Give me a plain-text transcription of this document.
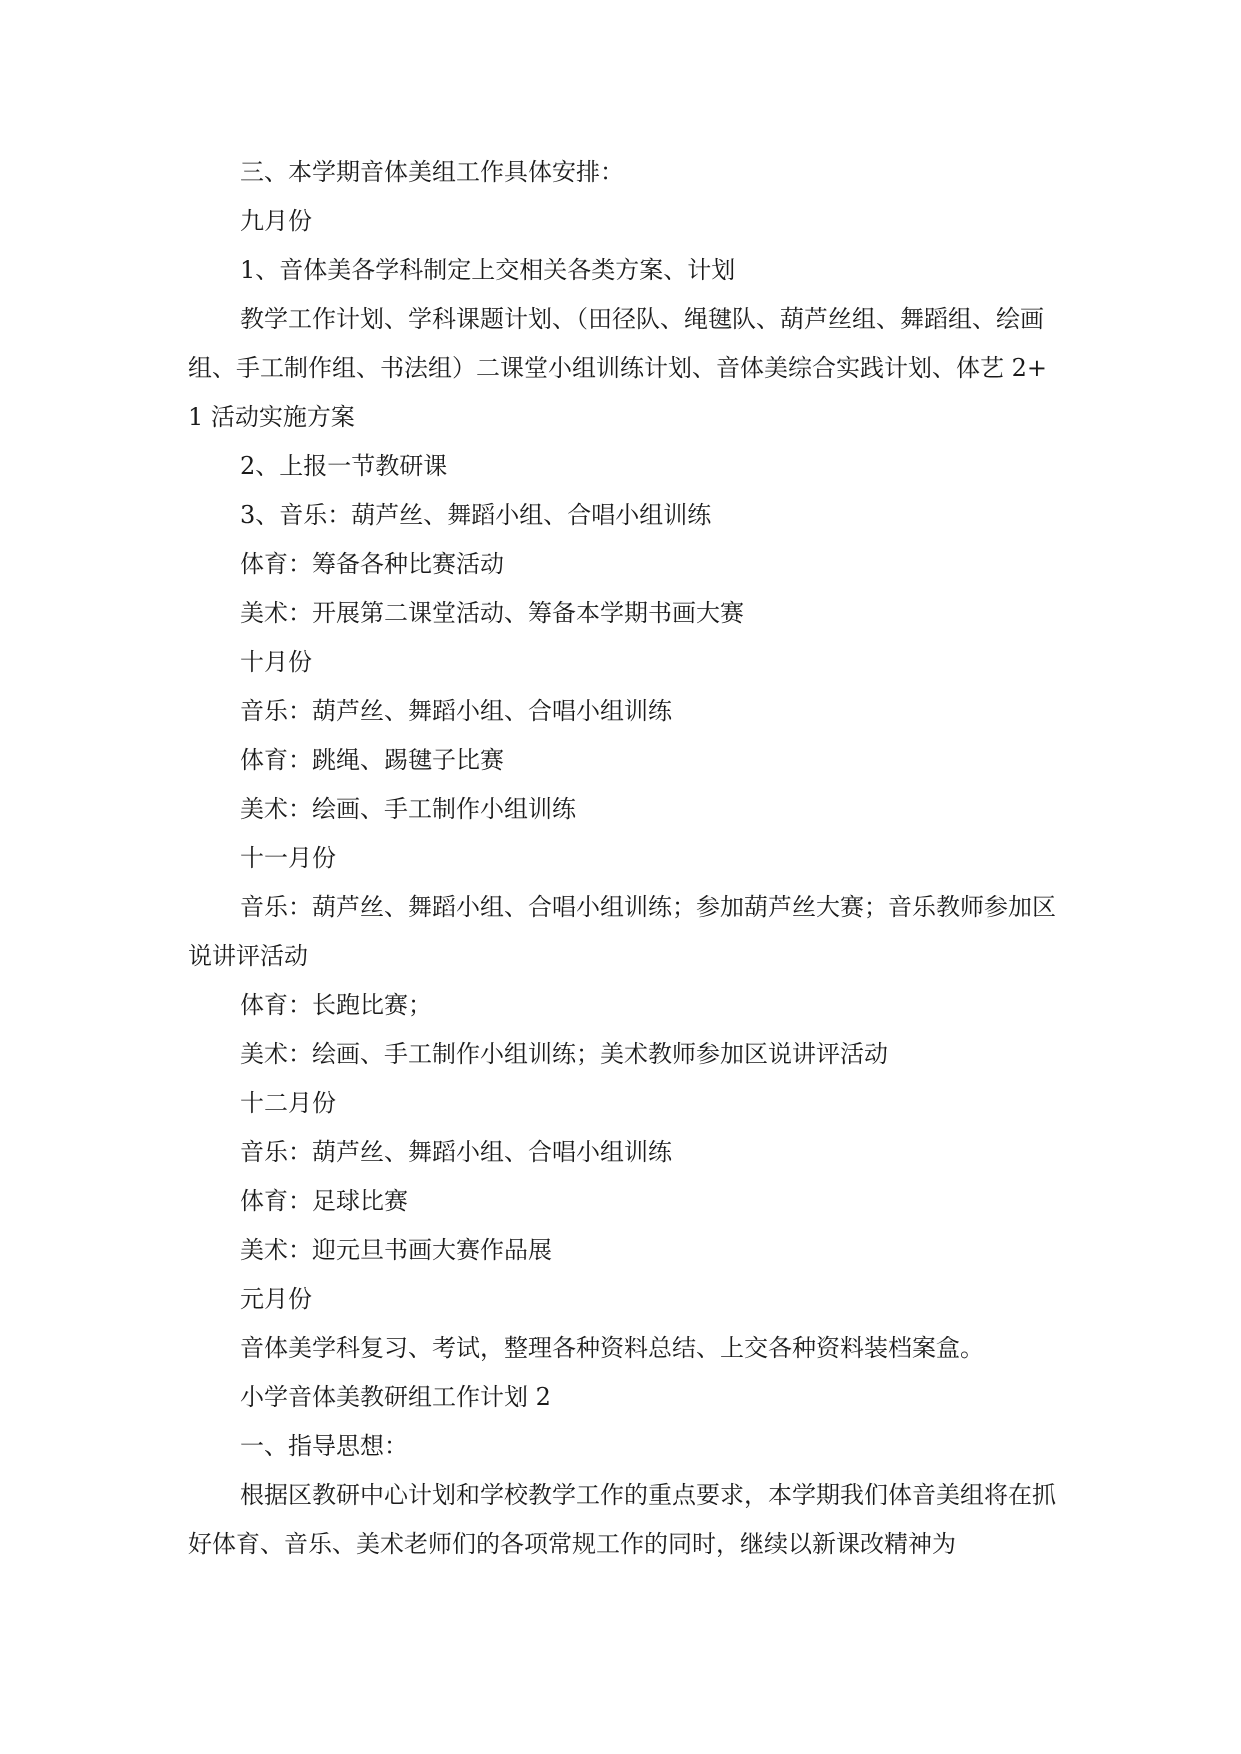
三、本学期音体美组工作具体安排：

九月份

1、音体美各学科制定上交相关各类方案、计划

教学工作计划、学科课题计划、（田径队、绳毽队、葫芦丝组、舞蹈组、绘画组、手工制作组、书法组）二课堂小组训练计划、音体美综合实践计划、体艺 2+1 活动实施方案

2、上报一节教研课

3、音乐：葫芦丝、舞蹈小组、合唱小组训练

体育：筹备各种比赛活动

美术：开展第二课堂活动、筹备本学期书画大赛

十月份

音乐：葫芦丝、舞蹈小组、合唱小组训练

体育：跳绳、踢毽子比赛

美术：绘画、手工制作小组训练

十一月份

音乐：葫芦丝、舞蹈小组、合唱小组训练；参加葫芦丝大赛；音乐教师参加区说讲评活动

体育：长跑比赛；

美术：绘画、手工制作小组训练；美术教师参加区说讲评活动

十二月份

音乐：葫芦丝、舞蹈小组、合唱小组训练

体育：足球比赛

美术：迎元旦书画大赛作品展

元月份

音体美学科复习、考试，整理各种资料总结、上交各种资料装档案盒。

小学音体美教研组工作计划 2

一、指导思想：

根据区教研中心计划和学校教学工作的重点要求，本学期我们体音美组将在抓好体育、音乐、美术老师们的各项常规工作的同时，继续以新课改精神为
